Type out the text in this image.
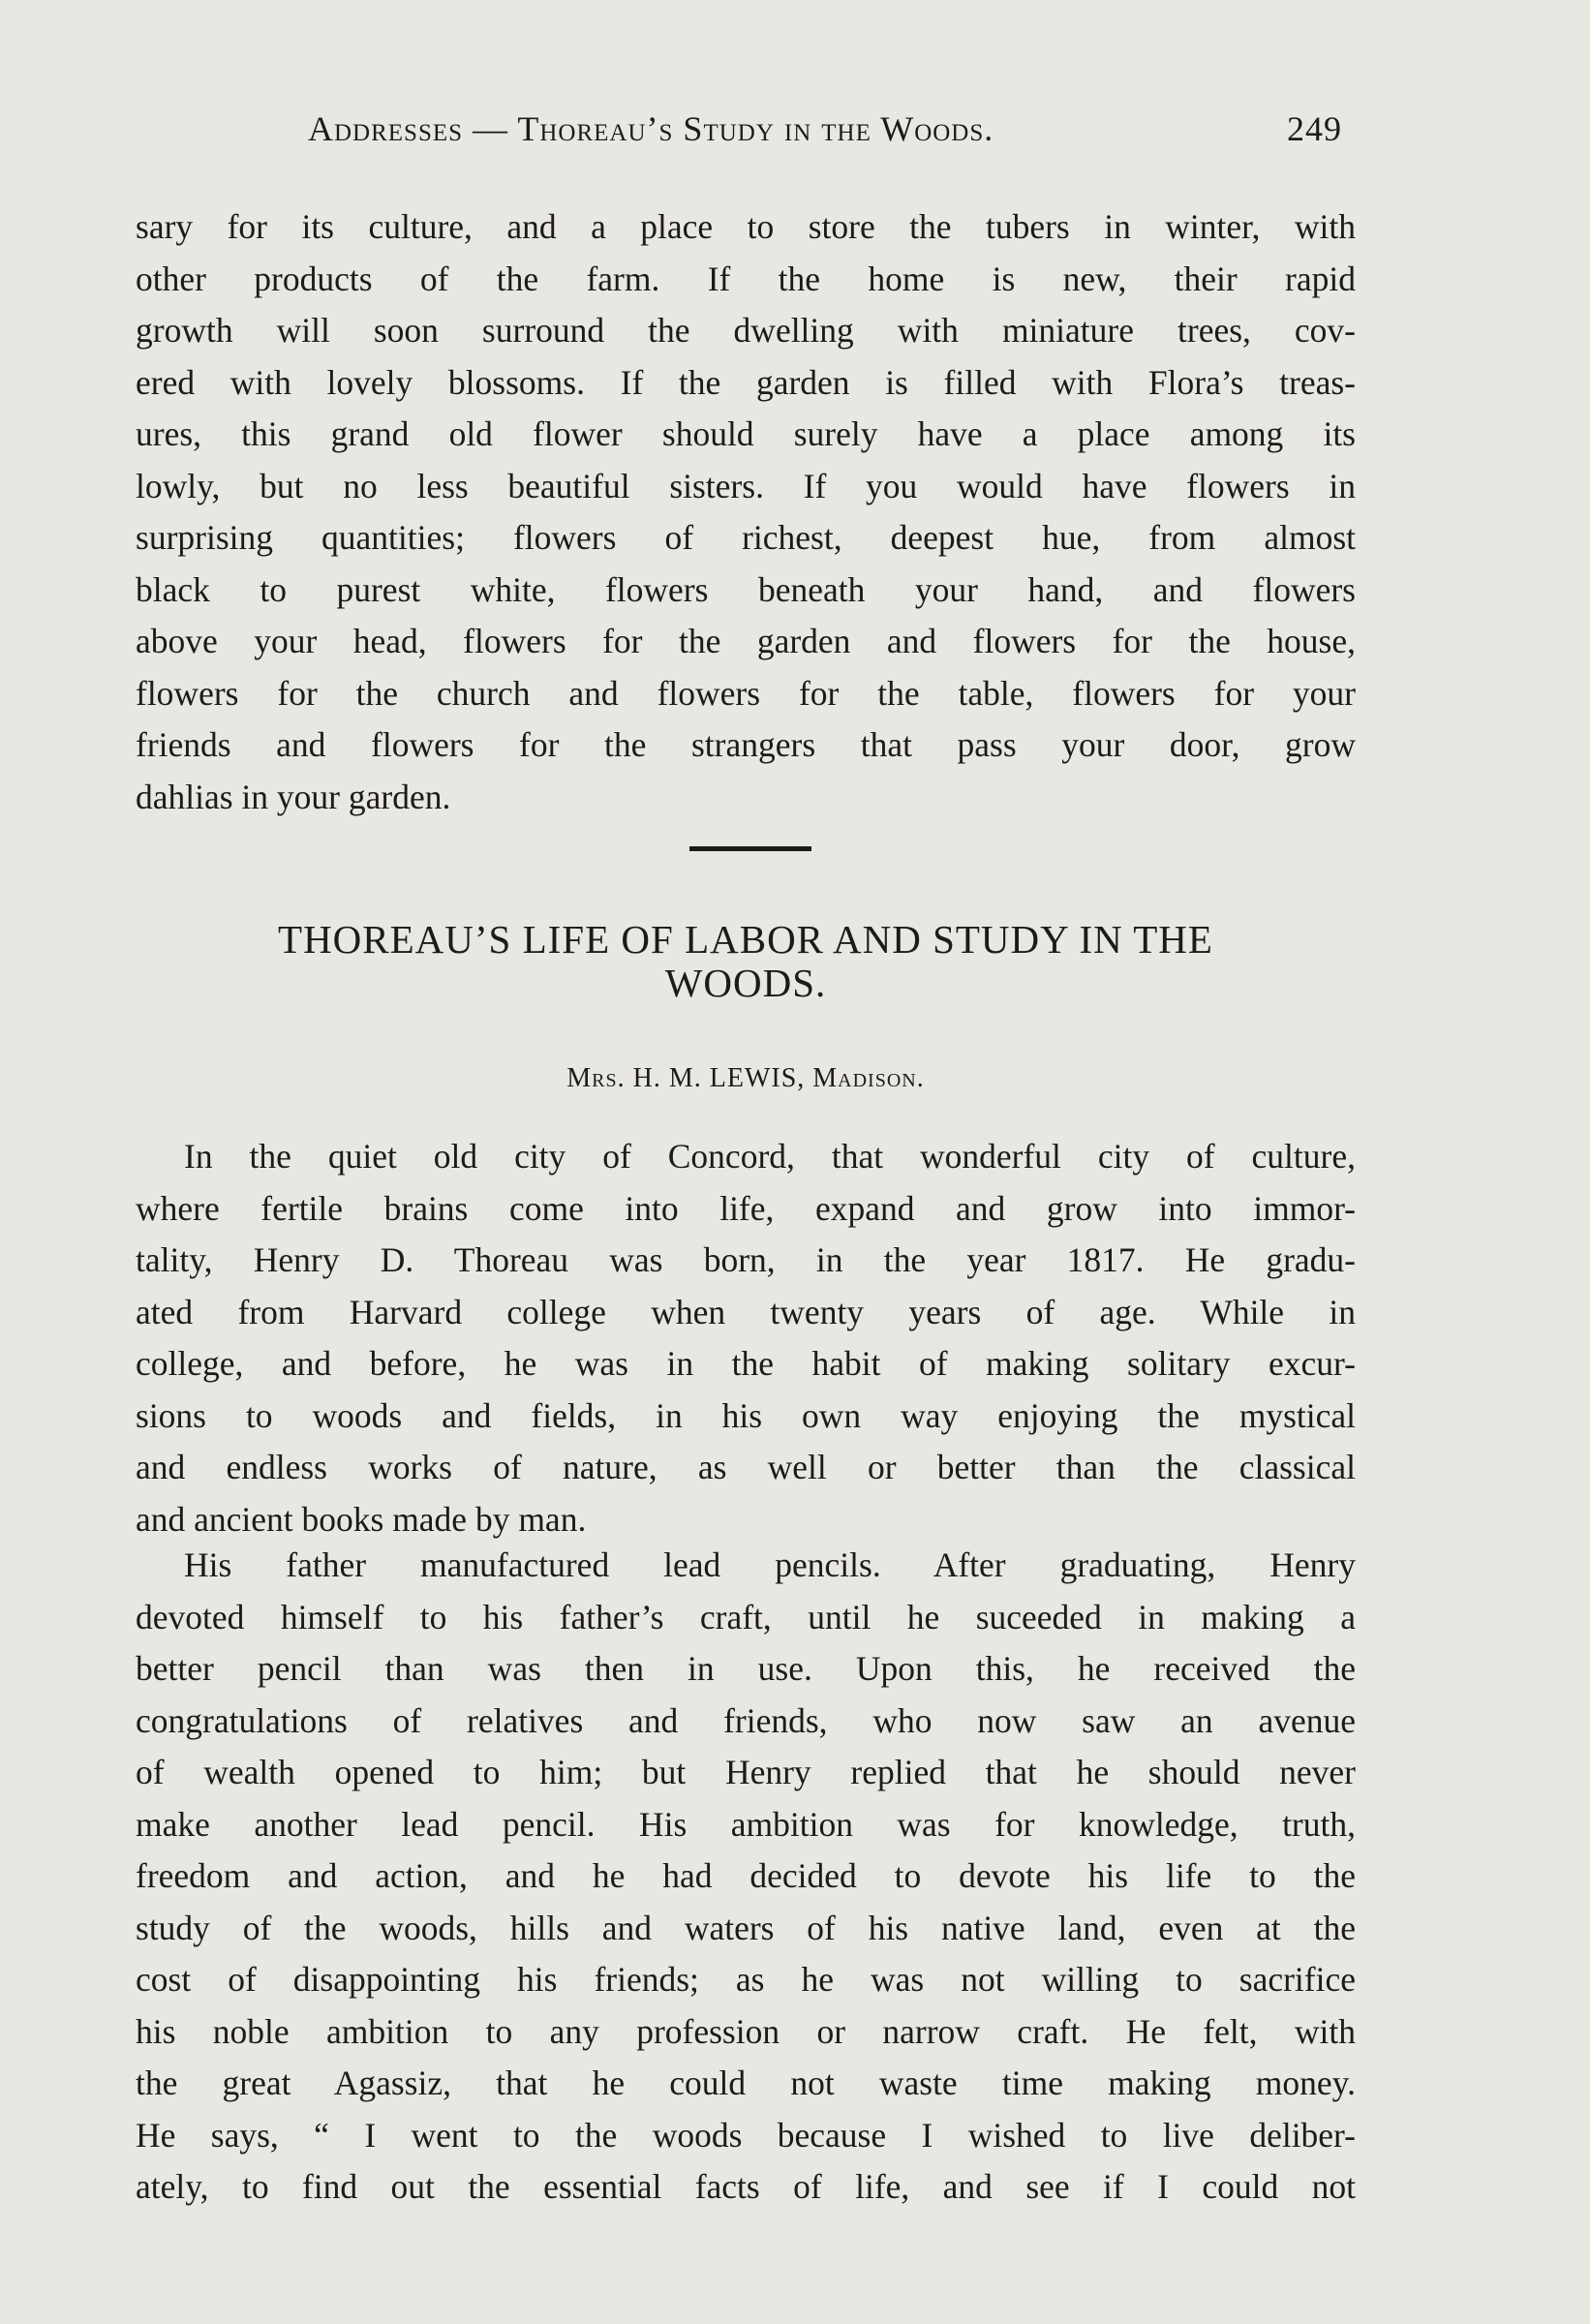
Addresses — Thoreau’s Study in the Woods.	249
sary for its culture, and a place to store the tubers in winter, with
other products of the farm. If the home is new, their rapid
growth will soon surround the dwelling with miniature trees, cov-
ered with lovely blossoms. If the garden is filled with Flora’s treas-
ures, this grand old flower should surely have a place among its
lowly, but no less beautiful sisters. If you would have flowers in
surprising quantities; flowers of richest, deepest hue, from almost
black to purest white, flowers beneath your hand, and flowers
above your head, flowers for the garden and flowers for the house,
flowers for the church and flowers for the table, flowers for your
friends and flowers for the strangers that pass your door, grow
dahlias in your garden.
THOREAU’S LIFE OF LABOR AND STUDY IN THE
WOODS.
Mrs. H. M. LEWIS, Madison.
In the quiet old city of Concord, that wonderful city of culture,
where fertile brains come into life, expand and grow into immor-
tality, Henry D. Thoreau was born, in the year 1817. He gradu-
ated from Harvard college when twenty years of age. While in
college, and before, he was in the habit of making solitary excur-
sions to woods and fields, in his own way enjoying the mystical
and endless works of nature, as well or better than the classical
and ancient books made by man.
His father manufactured lead pencils. After graduating, Henry
devoted himself to his father’s craft, until he suceeded in making a
better pencil than was then in use. Upon this, he received the
congratulations of relatives and friends, who now saw an avenue
of wealth opened to him; but Henry replied that he should never
make another lead pencil. His ambition was for knowledge, truth,
freedom and action, and he had decided to devote his life to the
study of the woods, hills and waters of his native land, even at the
cost of disappointing his friends; as he was not willing to sacrifice
his noble ambition to any profession or narrow craft. He felt, with
the great Agassiz, that he could not waste time making money.
He says, “ I went to the woods because I wished to live deliber-
ately, to find out the essential facts of life, and see if I could not
